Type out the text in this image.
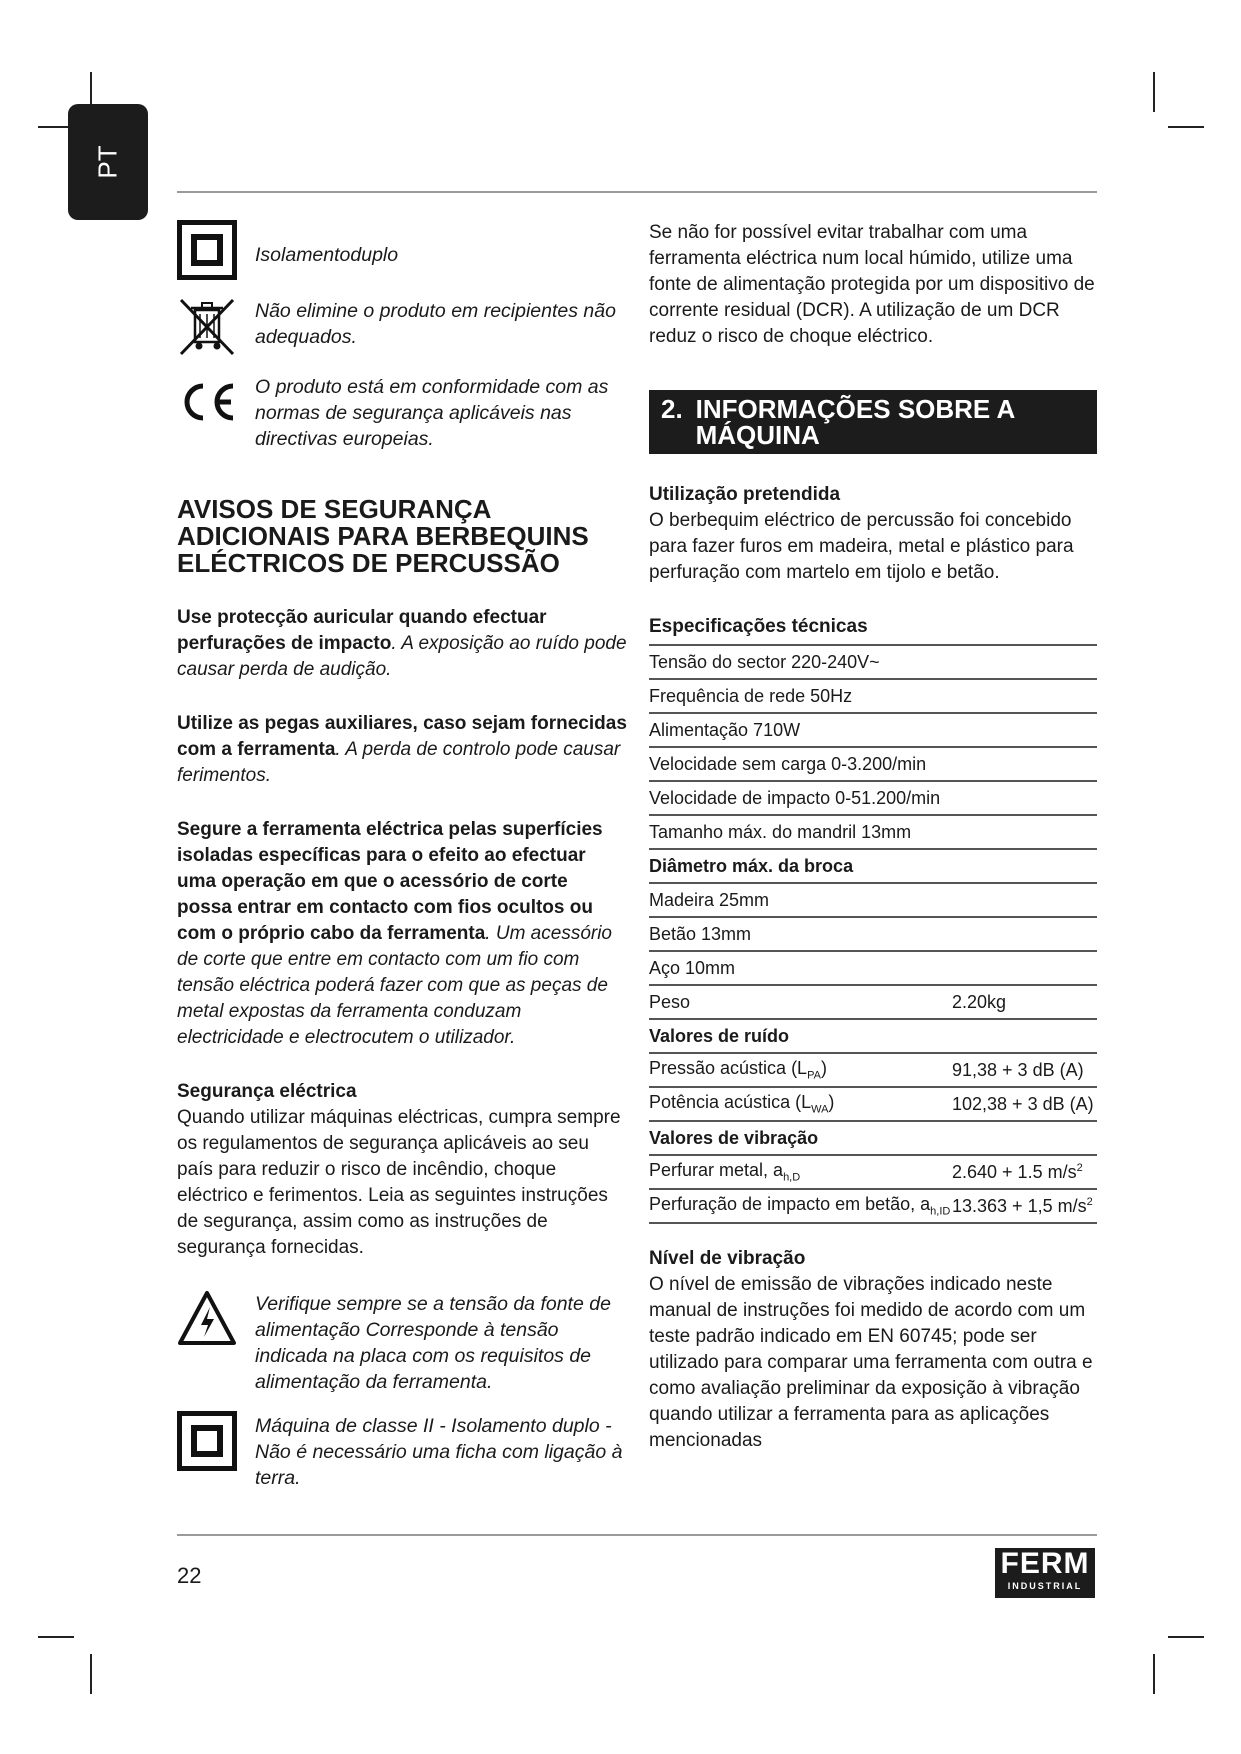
PT
Isolamentoduplo
Não elimine o produto em recipientes não adequados.
O produto está em conformidade com as normas de segurança aplicáveis nas directivas europeias.
AVISOS DE SEGURANÇA ADICIONAIS PARA BERBEQUINS ELÉCTRICOS DE PERCUSSÃO

Use protecção auricular quando efectuar perfurações de impacto. A exposição ao ruído pode causar perda de audição.

Utilize as pegas auxiliares, caso sejam fornecidas com a ferramenta. A perda de controlo pode causar ferimentos.

Segure a ferramenta eléctrica pelas superfícies isoladas específicas para o efeito ao efectuar uma operação em que o acessório de corte possa entrar em contacto com fios ocultos ou com o próprio cabo da ferramenta. Um acessório de corte que entre em contacto com um fio com tensão eléctrica poderá fazer com que as peças de metal expostas da ferramenta conduzam electricidade e electrocutem o utilizador.

Segurança eléctrica

Quando utilizar máquinas eléctricas, cumpra sempre os regulamentos de segurança aplicáveis ao seu país para reduzir o risco de incêndio, choque eléctrico e ferimentos. Leia as seguintes instruções de segurança, assim como as instruções de segurança fornecidas.

Verifique sempre se a tensão da fonte de alimentação Corresponde à tensão indicada na placa com os requisitos de alimentação da ferramenta.
Máquina de classe II - Isolamento duplo - Não é necessário uma ficha com ligação à terra.

Se não for possível evitar trabalhar com uma ferramenta eléctrica num local húmido, utilize uma fonte de alimentação protegida por um dispositivo de corrente residual (DCR). A utilização de um DCR reduz o risco de choque eléctrico.

2. INFORMAÇÕES SOBRE A MÁQUINA
Utilização pretendida

O berbequim eléctrico de percussão foi concebido para fazer furos em madeira, metal e plástico para perfuração com martelo em tijolo e betão.

Especificações técnicas
Tensão do sector 220-240V~	
Frequência de rede 50Hz	
Alimentação 710W	
Velocidade sem carga 0-3.200/min	
Velocidade de impacto 0-51.200/min	
Tamanho máx. do mandril 13mm	
Diâmetro máx. da broca	
Madeira 25mm	
Betão 13mm	
Aço 10mm	
Peso	2.20kg
Valores de ruído	
Pressão acústica $(L_{PA})$	91,38 + 3 dB (A)
Potência acústica $(L_{WA})$	102,38 + 3 dB (A)
Valores de vibração	
Perfurar metal, $a_{h,D}$	2.640 + 1.5 $m/s^2$
Perfuração de impacto em betão, $a_{h,ID}$	13.363 + 1,5 $m/s^2$
Nível de vibração

O nível de emissão de vibrações indicado neste manual de instruções foi medido de acordo com um teste padrão indicado em EN 60745; pode ser utilizado para comparar uma ferramenta com outra e como avaliação preliminar da exposição à vibração quando utilizar a ferramenta para as aplicações mencionadas

22	FERM
INDUSTRIAL
